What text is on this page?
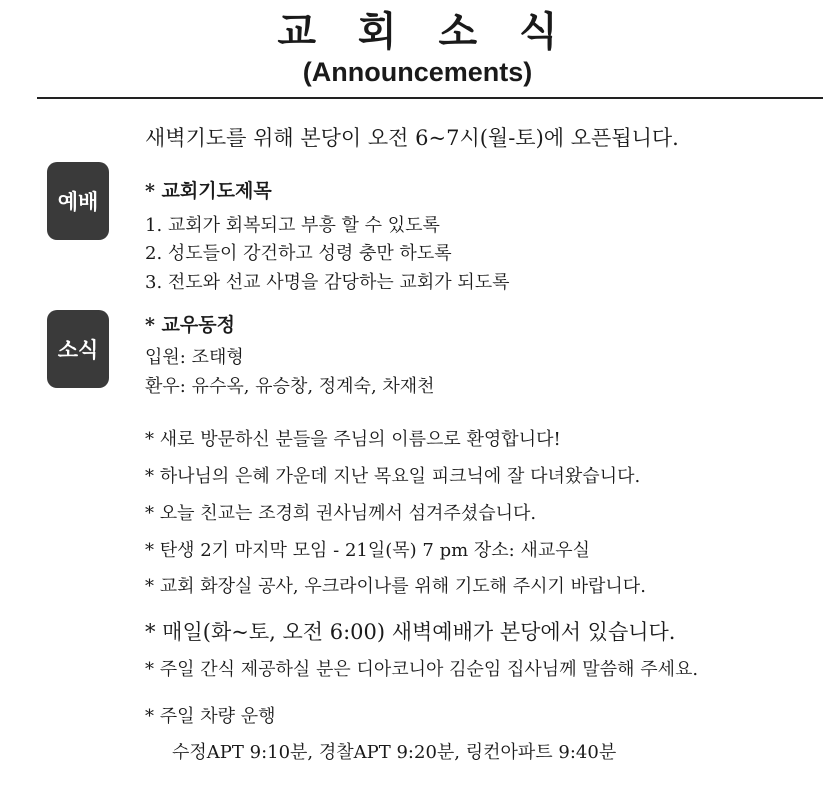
교 회 소 식
(Announcements)
새벽기도를 위해 본당이 오전 6~7시(월-토)에 오픈됩니다.
예배
소식
* 교회기도제목
1. 교회가 회복되고 부흥 할 수 있도록
2. 성도들이 강건하고 성령 충만 하도록
3. 전도와 선교 사명을 감당하는 교회가 되도록
* 교우동정
입원: 조태형
환우: 유수옥, 유승창, 정계숙, 차재천
* 새로 방문하신 분들을 주님의 이름으로 환영합니다!
* 하나님의 은혜 가운데 지난 목요일 피크닉에 잘 다녀왔습니다.
* 오늘 친교는 조경희 권사님께서 섬겨주셨습니다.
* 탄생 2기 마지막 모임 - 21일(목) 7 pm 장소: 새교우실
* 교회 화장실 공사, 우크라이나를 위해 기도해 주시기 바랍니다.
* 매일(화~토, 오전 6:00) 새벽예배가 본당에서 있습니다.
* 주일 간식 제공하실 분은 디아코니아 김순임 집사님께 말씀해 주세요.
* 주일 차량 운행
수정APT 9:10분, 경찰APT 9:20분, 링컨아파트 9:40분
